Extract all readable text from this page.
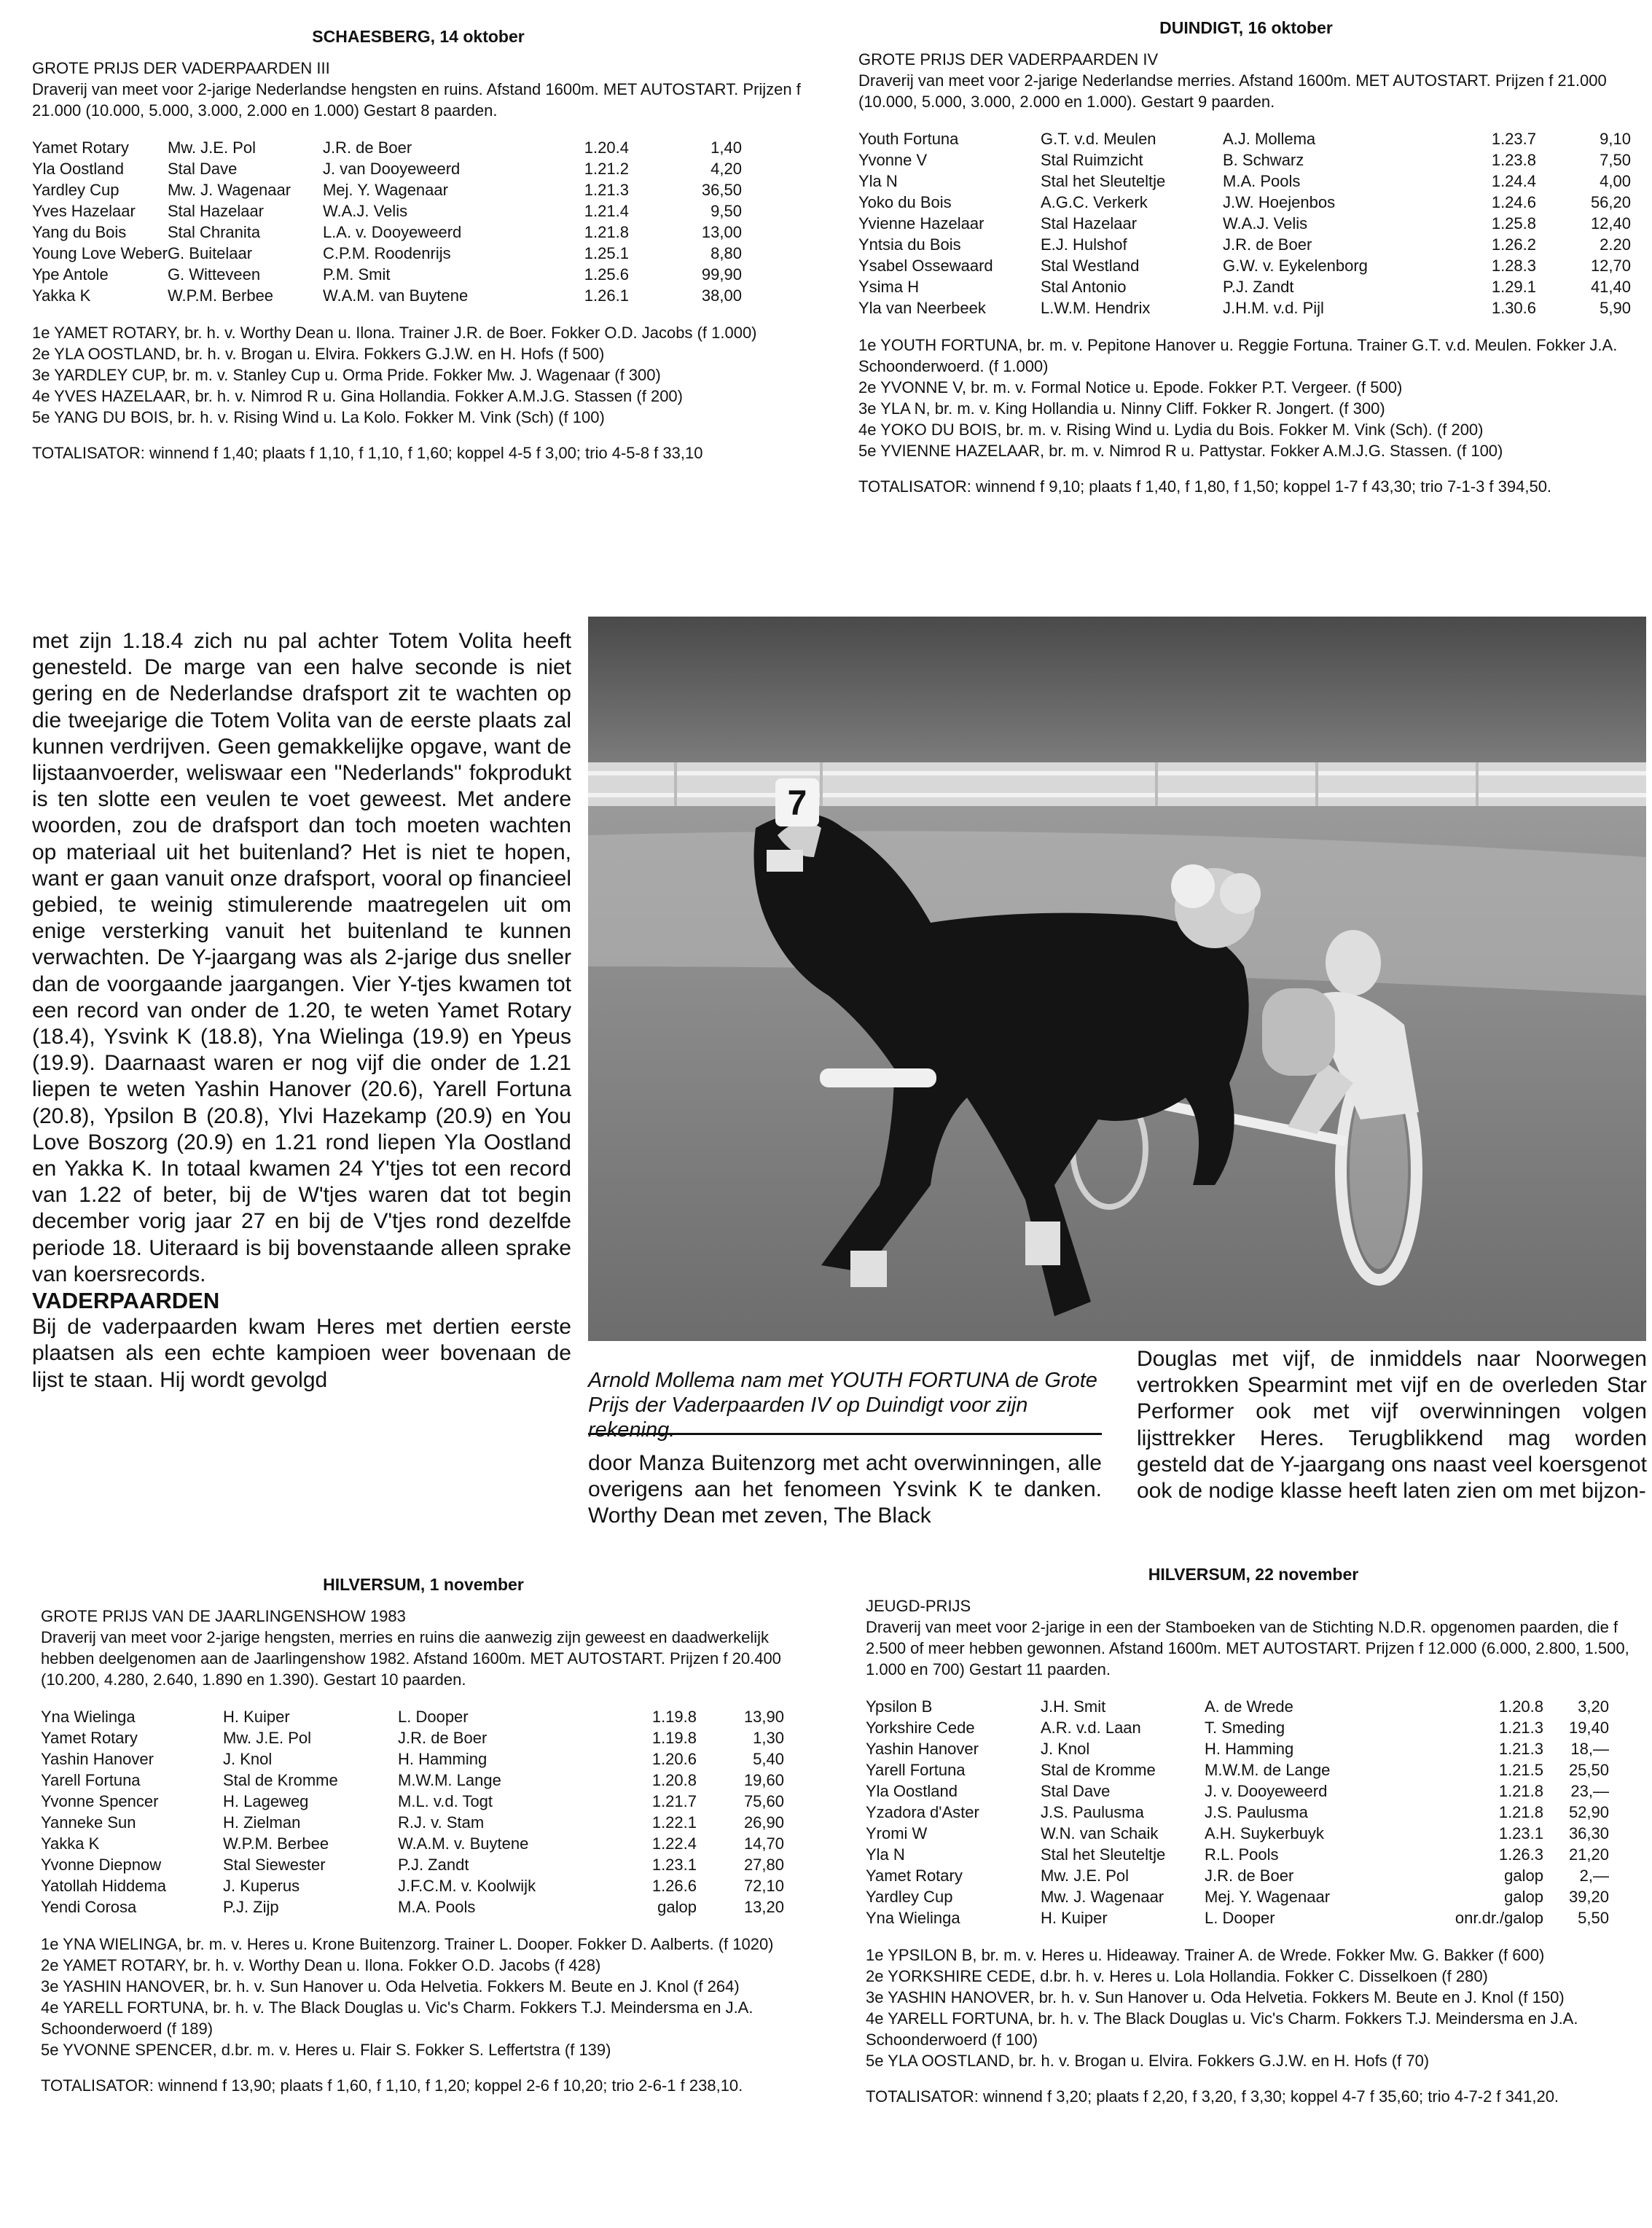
SCHAESBERG, 14 oktober

GROTE PRIJS DER VADERPAARDEN III

Draverij van meet voor 2-jarige Nederlandse hengsten en ruins. Afstand 1600m. MET AUTOSTART. Prijzen f 21.000 (10.000, 5.000, 3.000, 2.000 en 1.000) Gestart 8 paarden.

Yamet Rotary	Mw. J.E. Pol	J.R. de Boer	1.20.4	1,40
Yla Oostland	Stal Dave	J. van Dooyeweerd	1.21.2	4,20
Yardley Cup	Mw. J. Wagenaar	Mej. Y. Wagenaar	1.21.3	36,50
Yves Hazelaar	Stal Hazelaar	W.A.J. Velis	1.21.4	9,50
Yang du Bois	Stal Chranita	L.A. v. Dooyeweerd	1.21.8	13,00
Young Love Weber	G. Buitelaar	C.P.M. Roodenrijs	1.25.1	8,80
Ype Antole	G. Witteveen	P.M. Smit	1.25.6	99,90
Yakka K	W.P.M. Berbee	W.A.M. van Buytene	1.26.1	38,00

1e YAMET ROTARY, br. h. v. Worthy Dean u. Ilona. Trainer J.R. de Boer. Fokker O.D. Jacobs (f 1.000)

2e YLA OOSTLAND, br. h. v. Brogan u. Elvira. Fokkers G.J.W. en H. Hofs (f 500)

3e YARDLEY CUP, br. m. v. Stanley Cup u. Orma Pride. Fokker Mw. J. Wagenaar (f 300)

4e YVES HAZELAAR, br. h. v. Nimrod R u. Gina Hollandia. Fokker A.M.J.G. Stassen (f 200)

5e YANG DU BOIS, br. h. v. Rising Wind u. La Kolo. Fokker M. Vink (Sch) (f 100)

TOTALISATOR: winnend f 1,40; plaats f 1,10, f 1,10, f 1,60; koppel 4-5 f 3,00; trio 4-5-8 f 33,10

DUINDIGT, 16 oktober

GROTE PRIJS DER VADERPAARDEN IV

Draverij van meet voor 2-jarige Nederlandse merries. Afstand 1600m. MET AUTOSTART. Prijzen f 21.000 (10.000, 5.000, 3.000, 2.000 en 1.000). Gestart 9 paarden.

Youth Fortuna	G.T. v.d. Meulen	A.J. Mollema	1.23.7	9,10
Yvonne V	Stal Ruimzicht	B. Schwarz	1.23.8	7,50
Yla N	Stal het Sleuteltje	M.A. Pools	1.24.4	4,00
Yoko du Bois	A.G.C. Verkerk	J.W. Hoejenbos	1.24.6	56,20
Yvienne Hazelaar	Stal Hazelaar	W.A.J. Velis	1.25.8	12,40
Yntsia du Bois	E.J. Hulshof	J.R. de Boer	1.26.2	2.20
Ysabel Ossewaard	Stal Westland	G.W. v. Eykelenborg	1.28.3	12,70
Ysima H	Stal Antonio	P.J. Zandt	1.29.1	41,40
Yla van Neerbeek	L.W.M. Hendrix	J.H.M. v.d. Pijl	1.30.6	5,90

1e YOUTH FORTUNA, br. m. v. Pepitone Hanover u. Reggie Fortuna. Trainer G.T. v.d. Meulen. Fokker J.A. Schoonderwoerd. (f 1.000)

2e YVONNE V, br. m. v. Formal Notice u. Epode. Fokker P.T. Vergeer. (f 500)

3e YLA N, br. m. v. King Hollandia u. Ninny Cliff. Fokker R. Jongert. (f 300)

4e YOKO DU BOIS, br. m. v. Rising Wind u. Lydia du Bois. Fokker M. Vink (Sch). (f 200)

5e YVIENNE HAZELAAR, br. m. v. Nimrod R u. Pattystar. Fokker A.M.J.G. Stassen. (f 100)

TOTALISATOR: winnend f 9,10; plaats f 1,40, f 1,80, f 1,50; koppel 1-7 f 43,30; trio 7-1-3 f 394,50.

met zijn 1.18.4 zich nu pal achter Totem Volita heeft genesteld. De marge van een halve seconde is niet gering en de Nederlandse drafsport zit te wachten op die tweejarige die Totem Volita van de eerste plaats zal kunnen verdrijven. Geen gemakkelijke opgave, want de lijstaanvoerder, weliswaar een "Nederlands" fokprodukt is ten slotte een veulen te voet geweest. Met andere woorden, zou de drafsport dan toch moeten wachten op materiaal uit het buitenland? Het is niet te hopen, want er gaan vanuit onze drafsport, vooral op financieel gebied, te weinig stimulerende maatregelen uit om enige versterking vanuit het buitenland te kunnen verwachten. De Y-jaargang was als 2-jarige dus sneller dan de voorgaande jaargangen. Vier Y-tjes kwamen tot een record van onder de 1.20, te weten Yamet Rotary (18.4), Ysvink K (18.8), Yna Wielinga (19.9) en Ypeus (19.9). Daarnaast waren er nog vijf die onder de 1.21 liepen te weten Yashin Hanover (20.6), Yarell Fortuna (20.8), Ypsilon B (20.8), Ylvi Hazekamp (20.9) en You Love Boszorg (20.9) en 1.21 rond liepen Yla Oostland en Yakka K. In totaal kwamen 24 Y'tjes tot een record van 1.22 of beter, bij de W'tjes waren dat tot begin december vorig jaar 27 en bij de V'tjes rond dezelfde periode 18. Uiteraard is bij bovenstaande alleen sprake van koersrecords.

VADERPAARDEN

Bij de vaderpaarden kwam Heres met dertien eerste plaatsen als een echte kampioen weer bovenaan de lijst te staan. Hij wordt gevolgd

7

Arnold Mollema nam met YOUTH FORTUNA de Grote Prijs der Vaderpaarden IV op Duindigt voor zijn rekening.

door Manza Buitenzorg met acht overwinningen, alle overigens aan het fenomeen Ysvink K te danken. Worthy Dean met zeven, The Black

Douglas met vijf, de inmiddels naar Noorwegen vertrokken Spearmint met vijf en de overleden Star Performer ook met vijf overwinningen volgen lijsttrekker Heres. Terugblikkend mag worden gesteld dat de Y-jaargang ons naast veel koersgenot ook de nodige klasse heeft laten zien om met bijzon-

HILVERSUM, 1 november

GROTE PRIJS VAN DE JAARLINGENSHOW 1983

Draverij van meet voor 2-jarige hengsten, merries en ruins die aanwezig zijn geweest en daadwerkelijk hebben deelgenomen aan de Jaarlingenshow 1982. Afstand 1600m. MET AUTOSTART. Prijzen f 20.400 (10.200, 4.280, 2.640, 1.890 en 1.390). Gestart 10 paarden.

Yna Wielinga	H. Kuiper	L. Dooper	1.19.8	13,90
Yamet Rotary	Mw. J.E. Pol	J.R. de Boer	1.19.8	1,30
Yashin Hanover	J. Knol	H. Hamming	1.20.6	5,40
Yarell Fortuna	Stal de Kromme	M.W.M. Lange	1.20.8	19,60
Yvonne Spencer	H. Lageweg	M.L. v.d. Togt	1.21.7	75,60
Yanneke Sun	H. Zielman	R.J. v. Stam	1.22.1	26,90
Yakka K	W.P.M. Berbee	W.A.M. v. Buytene	1.22.4	14,70
Yvonne Diepnow	Stal Siewester	P.J. Zandt	1.23.1	27,80
Yatollah Hiddema	J. Kuperus	J.F.C.M. v. Koolwijk	1.26.6	72,10
Yendi Corosa	P.J. Zijp	M.A. Pools	galop	13,20

1e YNA WIELINGA, br. m. v. Heres u. Krone Buitenzorg. Trainer L. Dooper. Fokker D. Aalberts. (f 1020)

2e YAMET ROTARY, br. h. v. Worthy Dean u. Ilona. Fokker O.D. Jacobs (f 428)

3e YASHIN HANOVER, br. h. v. Sun Hanover u. Oda Helvetia. Fokkers M. Beute en J. Knol (f 264)

4e YARELL FORTUNA, br. h. v. The Black Douglas u. Vic's Charm. Fokkers T.J. Meindersma en J.A. Schoonderwoerd (f 189)

5e YVONNE SPENCER, d.br. m. v. Heres u. Flair S. Fokker S. Leffertstra (f 139)

TOTALISATOR: winnend f 13,90; plaats f 1,60, f 1,10, f 1,20; koppel 2-6 f 10,20; trio 2-6-1 f 238,10.

HILVERSUM, 22 november

JEUGD-PRIJS

Draverij van meet voor 2-jarige in een der Stamboeken van de Stichting N.D.R. opgenomen paarden, die f 2.500 of meer hebben gewonnen. Afstand 1600m. MET AUTOSTART. Prijzen f 12.000 (6.000, 2.800, 1.500, 1.000 en 700) Gestart 11 paarden.

Ypsilon B	J.H. Smit	A. de Wrede	1.20.8	3,20
Yorkshire Cede	A.R. v.d. Laan	T. Smeding	1.21.3	19,40
Yashin Hanover	J. Knol	H. Hamming	1.21.3	18,—
Yarell Fortuna	Stal de Kromme	M.W.M. de Lange	1.21.5	25,50
Yla Oostland	Stal Dave	J. v. Dooyeweerd	1.21.8	23,—
Yzadora d'Aster	J.S. Paulusma	J.S. Paulusma	1.21.8	52,90
Yromi W	W.N. van Schaik	A.H. Suykerbuyk	1.23.1	36,30
Yla N	Stal het Sleuteltje	R.L. Pools	1.26.3	21,20
Yamet Rotary	Mw. J.E. Pol	J.R. de Boer	galop	2,—
Yardley Cup	Mw. J. Wagenaar	Mej. Y. Wagenaar	galop	39,20
Yna Wielinga	H. Kuiper	L. Dooper	onr.dr./galop	5,50

1e YPSILON B, br. m. v. Heres u. Hideaway. Trainer A. de Wrede. Fokker Mw. G. Bakker (f 600)

2e YORKSHIRE CEDE, d.br. h. v. Heres u. Lola Hollandia. Fokker C. Disselkoen (f 280)

3e YASHIN HANOVER, br. h. v. Sun Hanover u. Oda Helvetia. Fokkers M. Beute en J. Knol (f 150)

4e YARELL FORTUNA, br. h. v. The Black Douglas u. Vic's Charm. Fokkers T.J. Meindersma en J.A. Schoonderwoerd (f 100)

5e YLA OOSTLAND, br. h. v. Brogan u. Elvira. Fokkers G.J.W. en H. Hofs (f 70)

TOTALISATOR: winnend f 3,20; plaats f 2,20, f 3,20, f 3,30; koppel 4-7 f 35,60; trio 4-7-2 f 341,20.
